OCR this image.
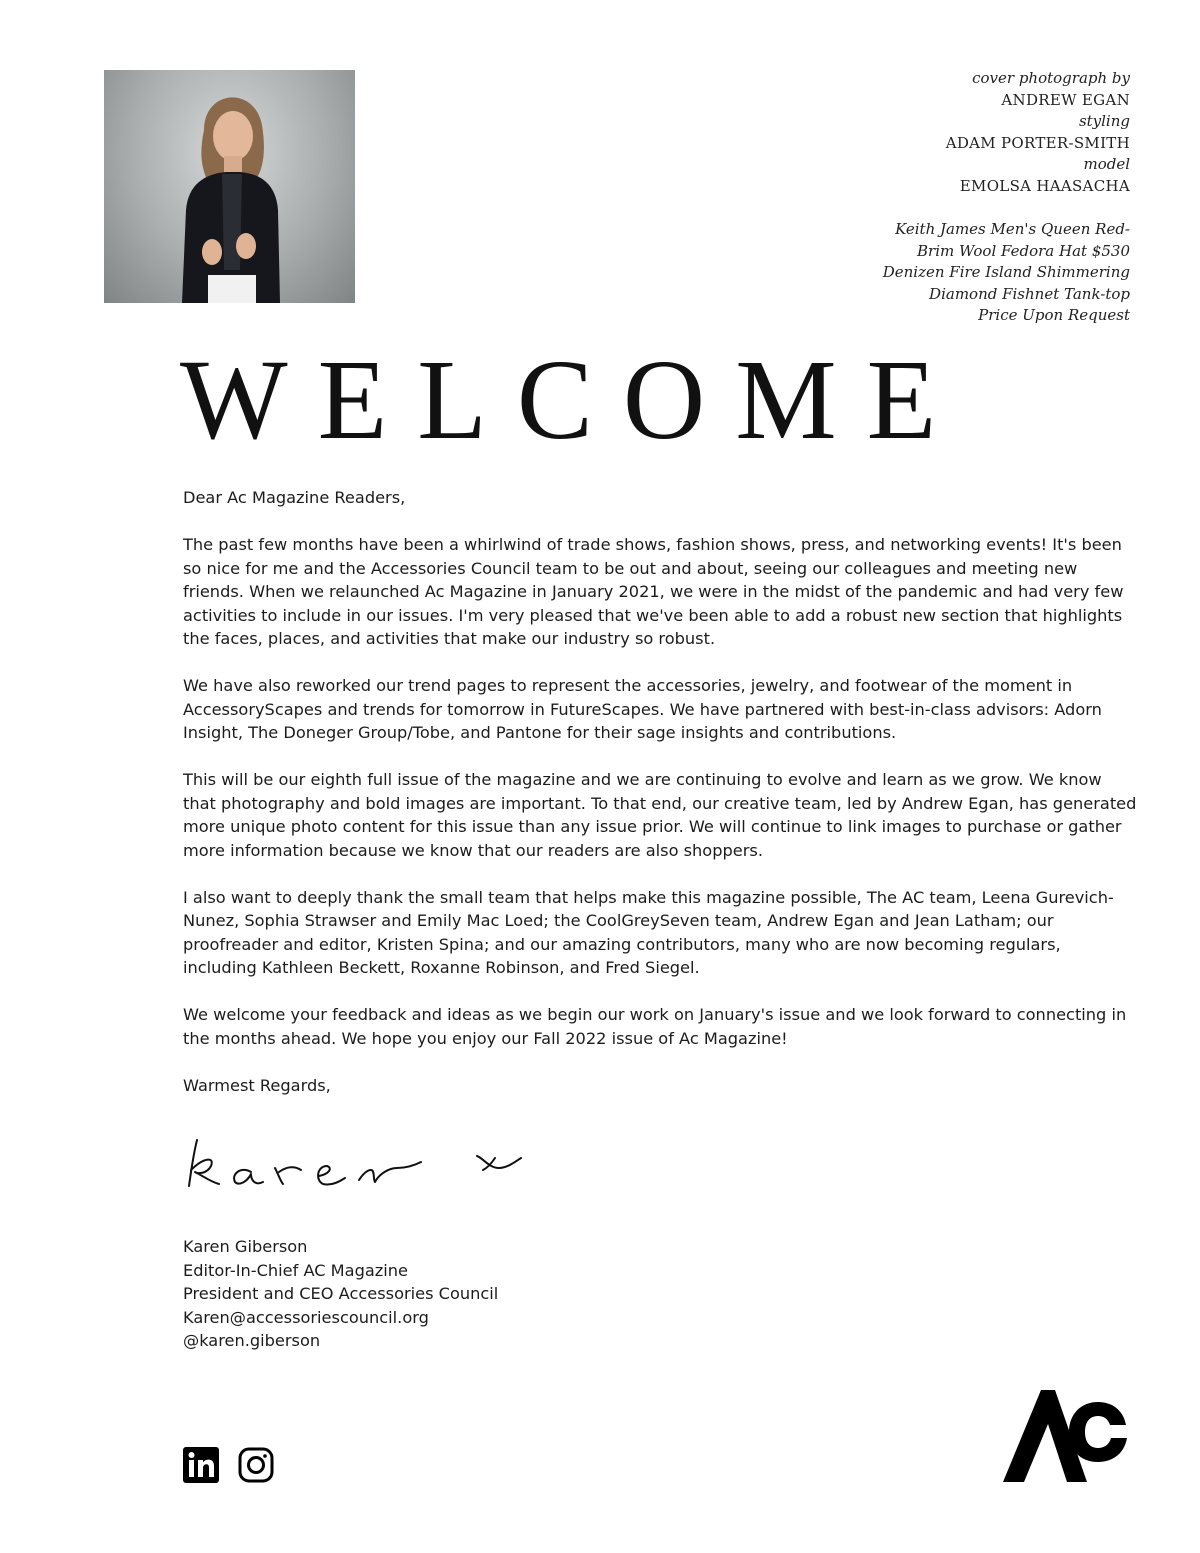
cover photograph by
ANDREW EGAN
styling
ADAM PORTER-SMITH
model
EMOLSA HAASACHA
Keith James Men's Queen Red-
Brim Wool Fedora Hat $530
Denizen Fire Island Shimmering
Diamond Fishnet Tank-top
Price Upon Request
WELCOME

Dear Ac Magazine Readers,

The past few months have been a whirlwind of trade shows, fashion shows, press, and networking events! It's been so nice for me and the Accessories Council team to be out and about, seeing our colleagues and meeting new friends. When we relaunched Ac Magazine in January 2021, we were in the midst of the pandemic and had very few activities to include in our issues. I'm very pleased that we've been able to add a robust new section that highlights the faces, places, and activities that make our industry so robust.

We have also reworked our trend pages to represent the accessories, jewelry, and footwear of the moment in AccessoryScapes and trends for tomorrow in FutureScapes. We have partnered with best-in-class advisors: Adorn Insight, The Doneger Group/Tobe, and Pantone for their sage insights and contributions.

This will be our eighth full issue of the magazine and we are continuing to evolve and learn as we grow. We know that photography and bold images are important. To that end, our creative team, led by Andrew Egan, has generated more unique photo content for this issue than any issue prior. We will continue to link images to purchase or gather more information because we know that our readers are also shoppers.

I also want to deeply thank the small team that helps make this magazine possible, The AC team, Leena Gurevich-Nunez, Sophia Strawser and Emily Mac Loed; the CoolGreySeven team, Andrew Egan and Jean Latham; our proofreader and editor, Kristen Spina; and our amazing contributors, many who are now becoming regulars, including Kathleen Beckett, Roxanne Robinson, and Fred Siegel.

We welcome your feedback and ideas as we begin our work on January's issue and we look forward to connecting in the months ahead. We hope you enjoy our Fall 2022 issue of Ac Magazine!

Warmest Regards,

Karen Giberson
Editor-In-Chief AC Magazine
President and CEO Accessories Council
Karen@accessoriescouncil.org
@karen.giberson
